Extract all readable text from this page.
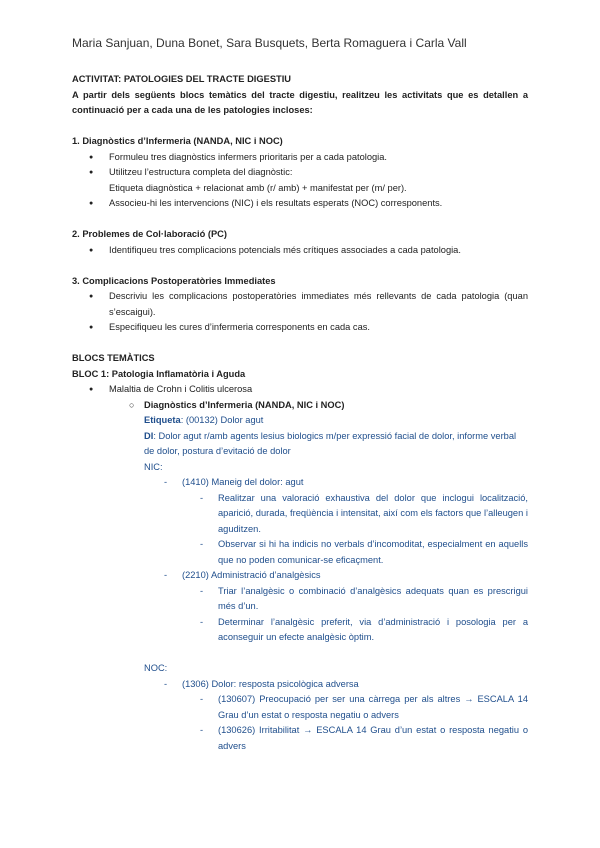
Maria Sanjuan, Duna Bonet, Sara Busquets, Berta Romaguera i Carla Vall

ACTIVITAT: PATOLOGIES DEL TRACTE DIGESTIU

A partir dels següents blocs temàtics del tracte digestiu, realitzeu les activitats que es detallen a continuació per a cada una de les patologies incloses:

1. Diagnòstics d’Infermeria (NANDA, NIC i NOC)

● Formuleu tres diagnòstics infermers prioritaris per a cada patologia.
● Utilitzeu l’estructura completa del diagnòstic:
Etiqueta diagnòstica + relacionat amb (r/ amb) + manifestat per (m/ per).
● Associeu-hi les intervencions (NIC) i els resultats esperats (NOC) corresponents.

2. Problemes de Col·laboració (PC)

● Identifiqueu tres complicacions potencials més crítiques associades a cada patologia.

3. Complicacions Postoperatòries Immediates

● Descriviu les complicacions postoperatòries immediates més rellevants de cada patologia (quan s’escaigui).
● Especifiqueu les cures d’infermeria corresponents en cada cas.

BLOCS TEMÀTICS

BLOC 1: Patologia Inflamatòria i Aguda

● Malaltia de Crohn i Colitis ulcerosa
○ Diagnòstics d’Infermeria (NANDA, NIC i NOC)
Etiqueta: (00132) Dolor agut
DI: Dolor agut r/amb agents lesius biologics m/per expressió facial de dolor, informe verbal de dolor, postura d’evitació de dolor
NIC:
- (1410) Maneig del dolor: agut
- Realitzar una valoració exhaustiva del dolor que inclogui localització, aparició, durada, freqüència i intensitat, així com els factors que l’alleugen i aguditzen.
- Observar si hi ha indicis no verbals d’incomoditat, especialment en aquells que no poden comunicar-se eficaçment.
- (2210) Administració d’analgèsics
- Triar l’analgèsic o combinació d’analgèsics adequats quan es prescrigui més d’un.
- Determinar l’analgèsic preferit, via d’administració i posologia per a aconseguir un efecte analgèsic òptim.
NOC:
- (1306) Dolor: resposta psicològica adversa
- (130607) Preocupació per ser una càrrega per als altres → ESCALA 14 Grau d’un estat o resposta negatiu o advers
- (130626) Irritabilitat → ESCALA 14 Grau d’un estat o resposta negatiu o advers
